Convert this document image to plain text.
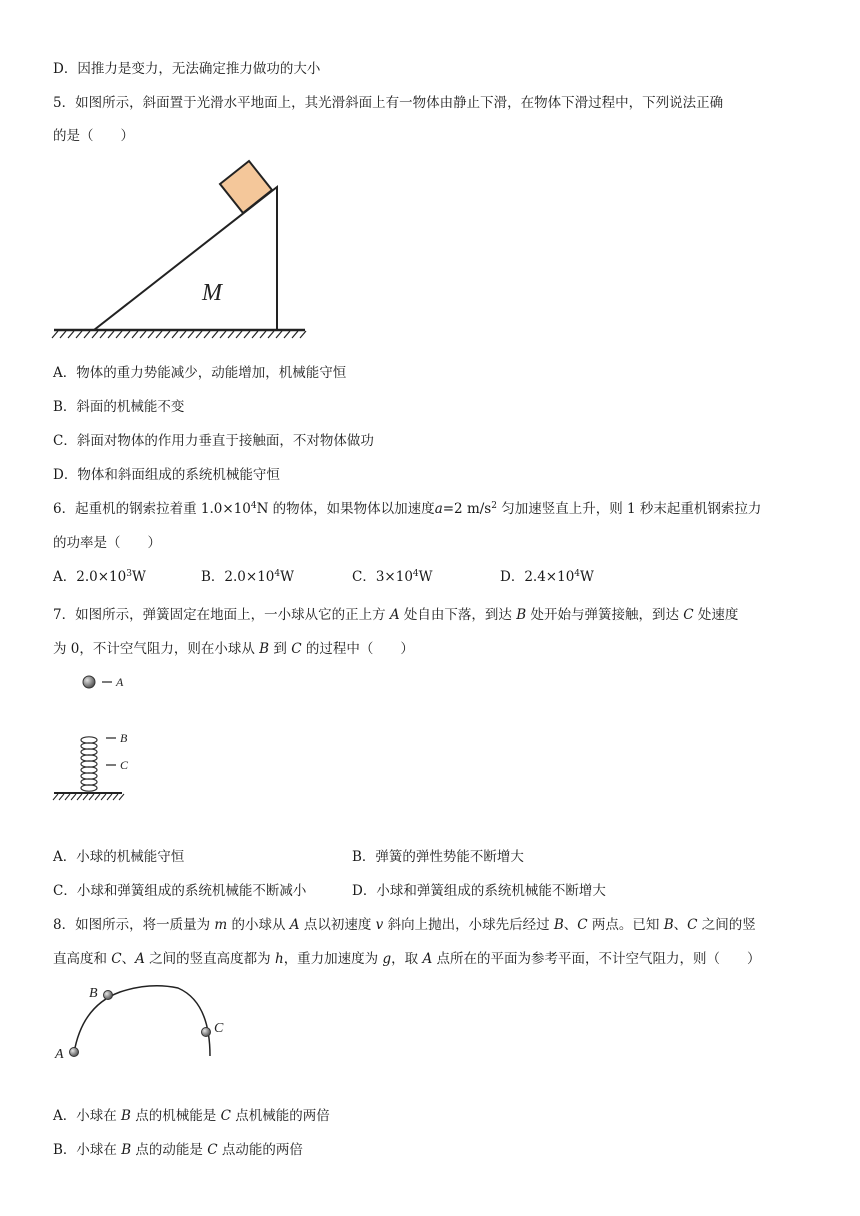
D．因推力是变力，无法确定推力做功的大小
5．如图所示，斜面置于光滑水平地面上，其光滑斜面上有一物体由静止下滑，在物体下滑过程中，下列说法正确
的是（　　）
M
A．物体的重力势能减少，动能增加，机械能守恒
B．斜面的机械能不变
C．斜面对物体的作用力垂直于接触面，不对物体做功
D．物体和斜面组成的系统机械能守恒
6．起重机的钢索拉着重 $1.0\times 10^4N$ 的物体，如果物体以加速度a=2 $m/s^2$ 匀加速竖直上升，则 1 秒末起重机钢索拉力
的功率是（　　）
A．$2.0\times 10^3W$	B．$2.0\times 10^4W$	C．$3\times 10^4W$	D．$2.4\times 10^4W$
7．如图所示，弹簧固定在地面上，一小球从它的正上方 A 处自由下落，到达 B 处开始与弹簧接触，到达 C 处速度
为 0，不计空气阻力，则在小球从 B 到 C 的过程中（　　）
A
B
C
A．小球的机械能守恒	B．弹簧的弹性势能不断增大
C．小球和弹簧组成的系统机械能不断减小	D．小球和弹簧组成的系统机械能不断增大
8．如图所示，将一质量为 m 的小球从 A 点以初速度 v 斜向上抛出，小球先后经过 B、C 两点。已知 B、C 之间的竖
直高度和 C、A 之间的竖直高度都为 h，重力加速度为 g，取 A 点所在的平面为参考平面，不计空气阻力，则（　　）
A
B
C
A．小球在 B 点的机械能是 C 点机械能的两倍
B．小球在 B 点的动能是 C 点动能的两倍
